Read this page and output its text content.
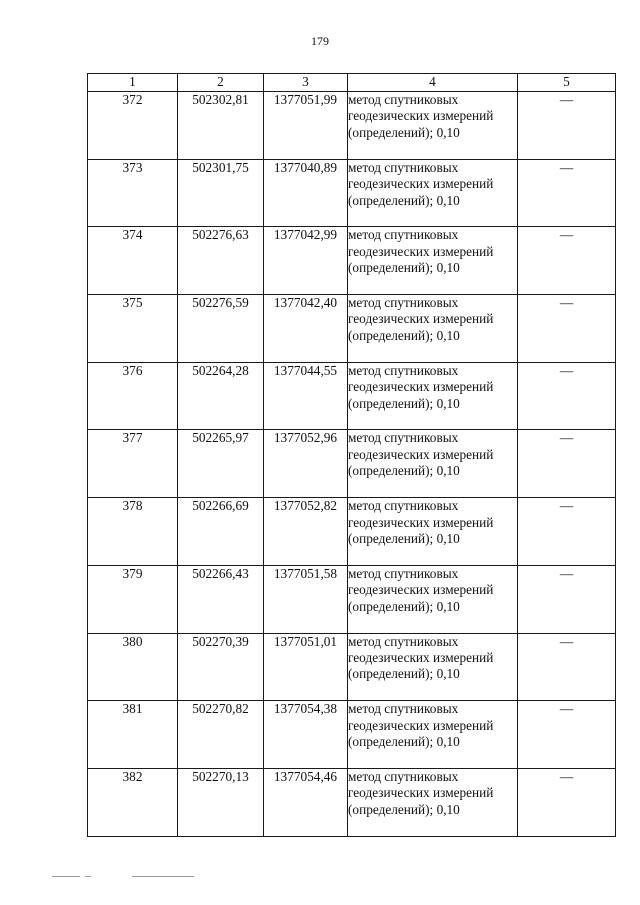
179
1	2	3	4	5
372	502302,81	1377051,99	метод спутниковых геодезических измерений (определений); 0,10	—
373	502301,75	1377040,89	метод спутниковых геодезических измерений (определений); 0,10	—
374	502276,63	1377042,99	метод спутниковых геодезических измерений (определений); 0,10	—
375	502276,59	1377042,40	метод спутниковых геодезических измерений (определений); 0,10	—
376	502264,28	1377044,55	метод спутниковых геодезических измерений (определений); 0,10	—
377	502265,97	1377052,96	метод спутниковых геодезических измерений (определений); 0,10	—
378	502266,69	1377052,82	метод спутниковых геодезических измерений (определений); 0,10	—
379	502266,43	1377051,58	метод спутниковых геодезических измерений (определений); 0,10	—
380	502270,39	1377051,01	метод спутниковых геодезических измерений (определений); 0,10	—
381	502270,82	1377054,38	метод спутниковых геодезических измерений (определений); 0,10	—
382	502270,13	1377054,46	метод спутниковых геодезических измерений (определений); 0,10	—
